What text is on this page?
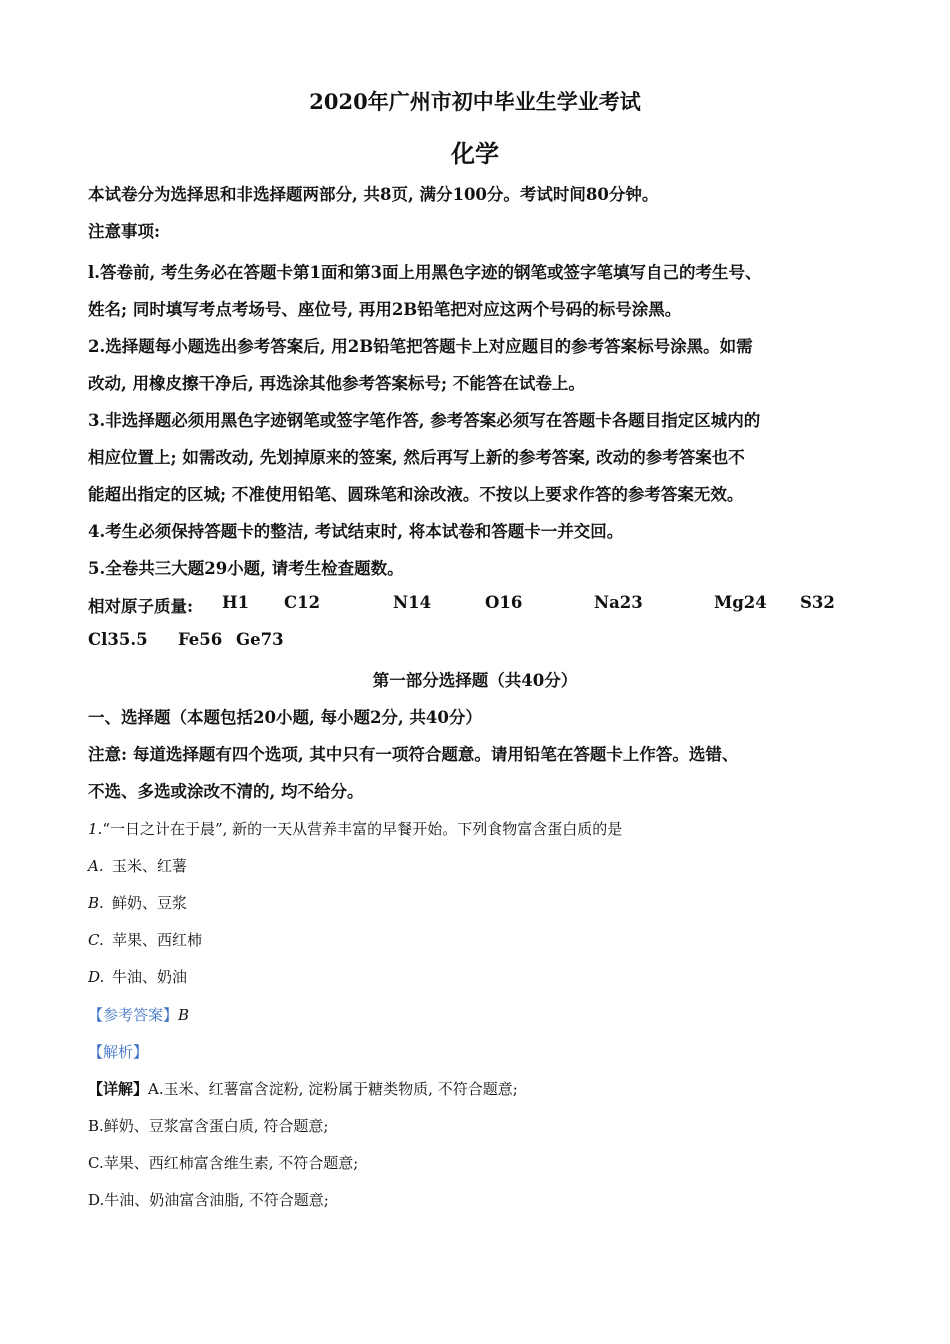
2020年广州市初中毕业生学业考试
化学
本试卷分为选择思和非选择题两部分, 共8页, 满分100分。考试时间80分钟。
注意事项:
l.答卷前, 考生务必在答题卡第1面和第3面上用黑色字迹的钢笔或签字笔填写自己的考生号、
姓名; 同时填写考点考场号、座位号, 再用2B铅笔把对应这两个号码的标号涂黑。
2.选择题每小题选出参考答案后, 用2B铅笔把答题卡上对应题目的参考答案标号涂黑。如需
改动, 用橡皮擦干净后, 再选涂其他参考答案标号; 不能答在试卷上。
3.非选择题必须用黑色字迹钢笔或签字笔作答, 参考答案必须写在答题卡各题目指定区城内的
相应位置上; 如需改动, 先划掉原来的签案, 然后再写上新的参考答案, 改动的参考答案也不
能超出指定的区城; 不准使用铅笔、圆珠笔和涂改液。不按以上要求作答的参考答案无效。
4.考生必须保持答题卡的整洁, 考试结束时, 将本试卷和答题卡一并交回。
5.全卷共三大题29小题, 请考生检查题数。
相对原子质量: H1 C12	N14	O16	Na23	Mg24 S32
Cl35.5 Fe56 Ge73
第一部分选择题（共40分）
一、选择题（本题包括20小题, 每小题2分, 共40分）
注意: 每道选择题有四个选项, 其中只有一项符合题意。请用铅笔在答题卡上作答。选错、
不选、多选或涂改不清的, 均不给分。
1.“一日之计在于晨”, 新的一天从营养丰富的早餐开始。下列食物富含蛋白质的是
A. 玉米、红薯
B. 鲜奶、豆浆
C. 苹果、西红柿
D. 牛油、奶油
【参考答案】B
【解析】
【详解】A.玉米、红薯富含淀粉, 淀粉属于糖类物质, 不符合题意;
B.鲜奶、豆浆富含蛋白质, 符合题意;
C.苹果、西红柿富含维生素, 不符合题意;
D.牛油、奶油富含油脂, 不符合题意;
